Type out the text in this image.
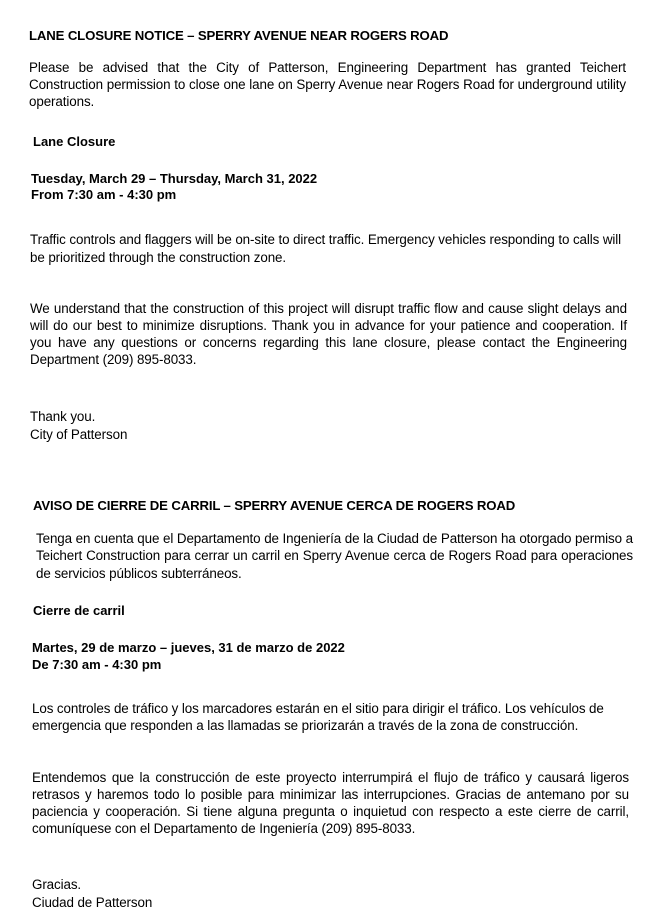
LANE CLOSURE NOTICE – SPERRY AVENUE NEAR ROGERS ROAD

Please be advised that the City of Patterson, Engineering Department has granted Teichert Construction permission to close one lane on Sperry Avenue near Rogers Road for underground utility operations.

Lane Closure
Tuesday, March 29 – Thursday, March 31, 2022
From 7:30 am - 4:30 pm

Traffic controls and flaggers will be on-site to direct traffic. Emergency vehicles responding to calls will be prioritized through the construction zone.

We understand that the construction of this project will disrupt traffic flow and cause slight delays and will do our best to minimize disruptions. Thank you in advance for your patience and cooperation. If you have any questions or concerns regarding this lane closure, please contact the Engineering Department (209) 895-8033.

Thank you.
City of Patterson
AVISO DE CIERRE DE CARRIL – SPERRY AVENUE CERCA DE ROGERS ROAD

Tenga en cuenta que el Departamento de Ingeniería de la Ciudad de Patterson ha otorgado permiso a Teichert Construction para cerrar un carril en Sperry Avenue cerca de Rogers Road para operaciones de servicios públicos subterráneos.

Cierre de carril
Martes, 29 de marzo – jueves, 31 de marzo de 2022
De 7:30 am - 4:30 pm

Los controles de tráfico y los marcadores estarán en el sitio para dirigir el tráfico. Los vehículos de emergencia que responden a las llamadas se priorizarán a través de la zona de construcción.

Entendemos que la construcción de este proyecto interrumpirá el flujo de tráfico y causará ligeros retrasos y haremos todo lo posible para minimizar las interrupciones. Gracias de antemano por su paciencia y cooperación. Si tiene alguna pregunta o inquietud con respecto a este cierre de carril, comuníquese con el Departamento de Ingeniería (209) 895-8033.

Gracias.
Ciudad de Patterson
